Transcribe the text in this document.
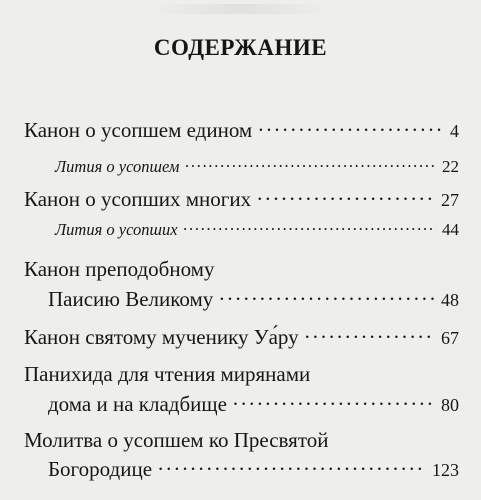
СОДЕРЖАНИЕ
Канон о усопшем едином . . .	4
Лития о усопшем . . .	22
Канон о усопших многих . . .	27
Лития о усопших . . .	44
Канон преподобному
Паисию Великому . . .	48
Канон святому мученику Уа́ру . . .	67
Панихида для чтения мирянами
дома и на кладбище . . .	80
Молитва о усопшем ко Пресвятой
Богородице . . .	123
